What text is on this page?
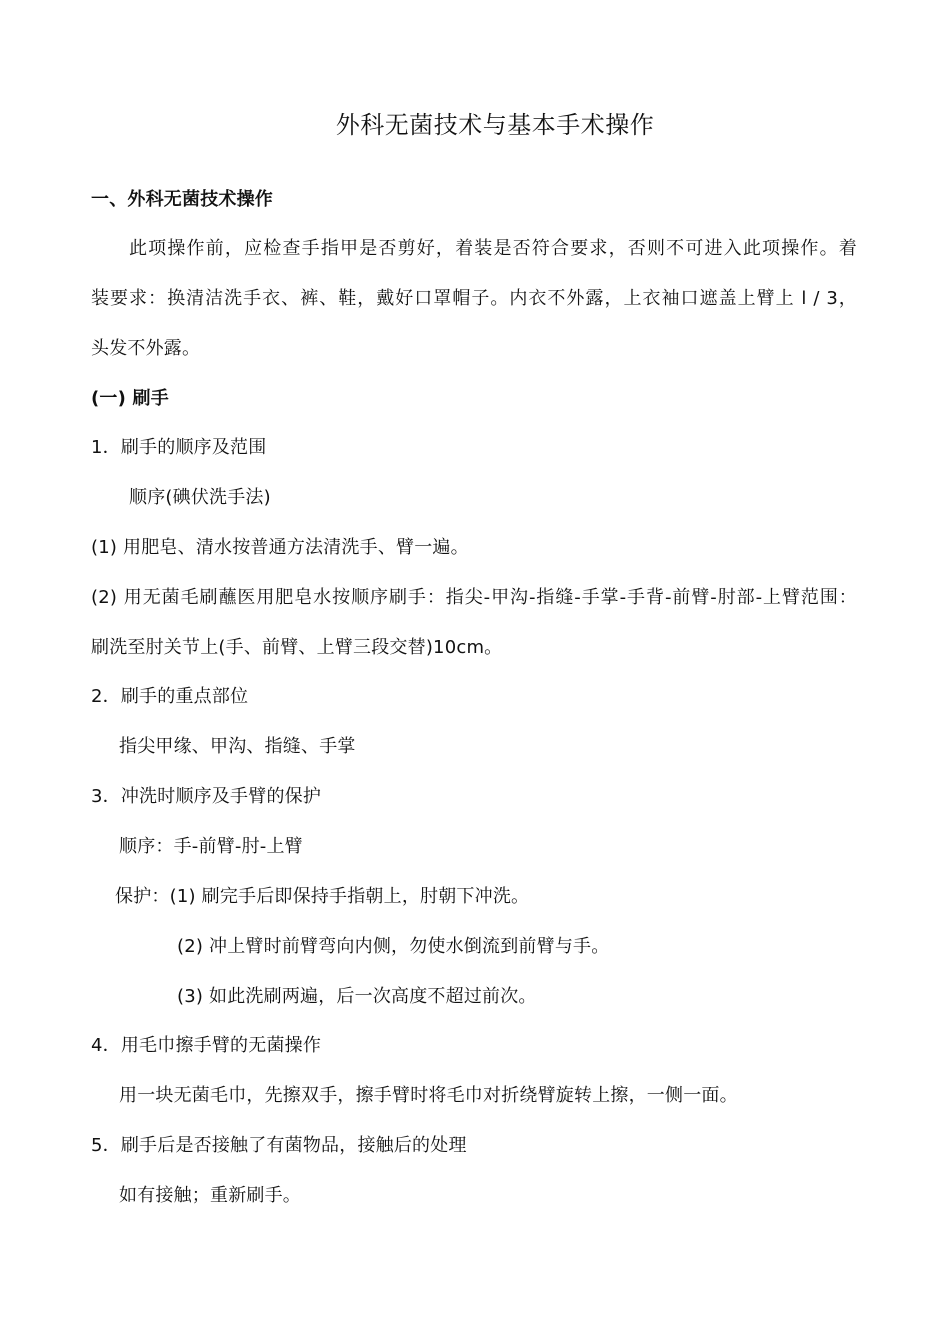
外科无菌技术与基本手术操作
一、外科无菌技术操作
此项操作前，应检查手指甲是否剪好，着装是否符合要求，否则不可进入此项操作。着
装要求：换清洁洗手衣、裤、鞋，戴好口罩帽子。内衣不外露，上衣袖口遮盖上臂上 l / 3，
头发不外露。
(一) 刷手
1．刷手的顺序及范围
顺序(碘伏洗手法)
(1) 用肥皂、清水按普通方法清洗手、臂一遍。
(2) 用无菌毛刷蘸医用肥皂水按顺序刷手：指尖-甲沟-指缝-手掌-手背-前臂-肘部-上臂范围：
刷洗至肘关节上(手、前臂、上臂三段交替)10cm。
2．刷手的重点部位
指尖甲缘、甲沟、指缝、手掌
3．冲洗时顺序及手臂的保护
顺序：手-前臂-肘-上臂
保护：(1) 刷完手后即保持手指朝上，肘朝下冲洗。
(2) 冲上臂时前臂弯向内侧，勿使水倒流到前臂与手。
(3) 如此洗刷两遍，后一次高度不超过前次。
4．用毛巾擦手臂的无菌操作
用一块无菌毛巾，先擦双手，擦手臂时将毛巾对折绕臂旋转上擦，一侧一面。
5．刷手后是否接触了有菌物品，接触后的处理
如有接触；重新刷手。
